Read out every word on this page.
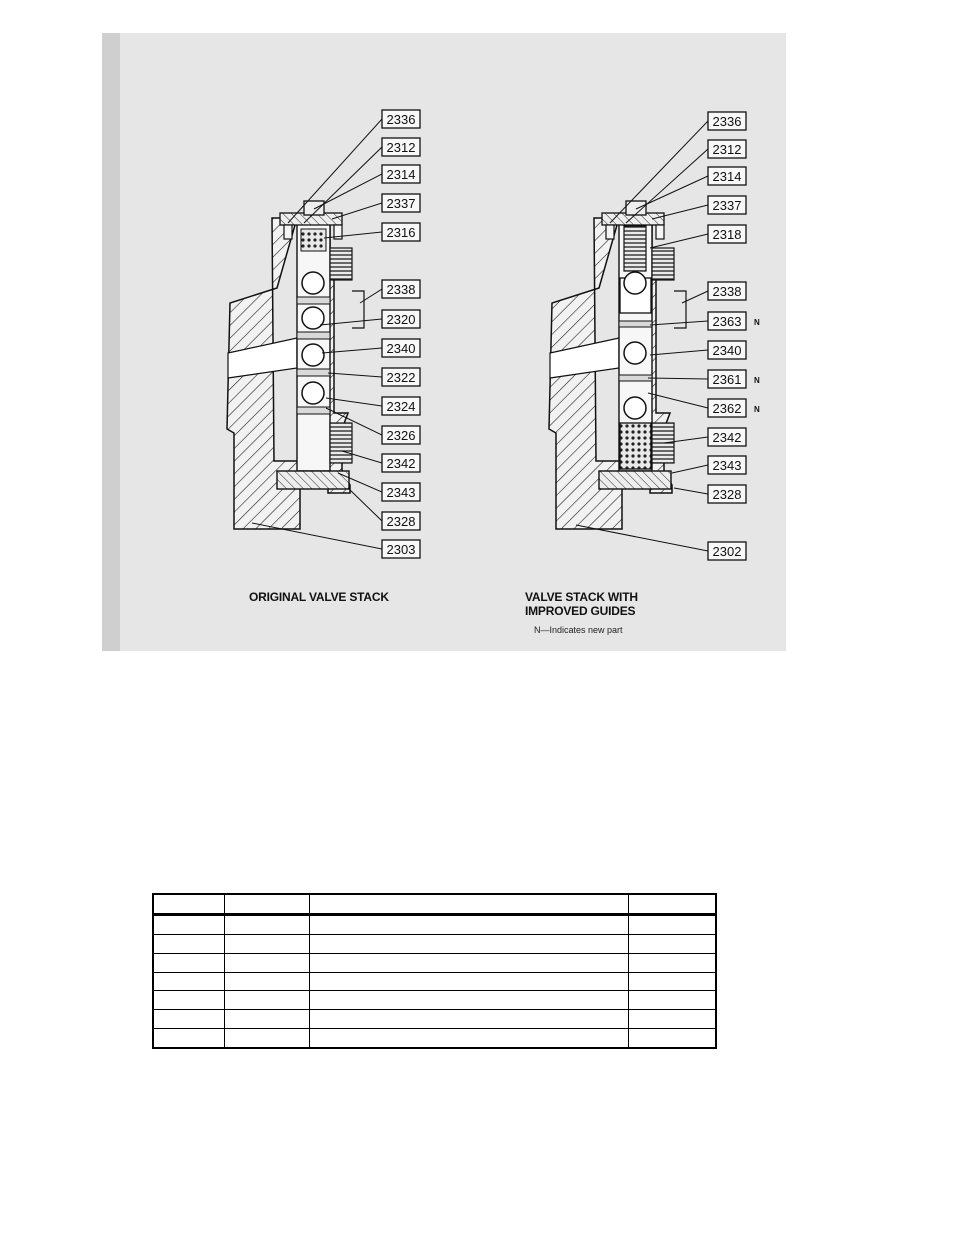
2336
2312
2314
2337
2316
2338
2320
2340
2322
2324
2326
2342
2343
2328
2303
2336
2312
2314
2337
2318
2338
2363 N
2340
2361 N
2362 N
2342
2343
2328
2302
ORIGINAL VALVE STACK	VALVE STACK WITH
IMPROVED GUIDES
N—Indicates new part
